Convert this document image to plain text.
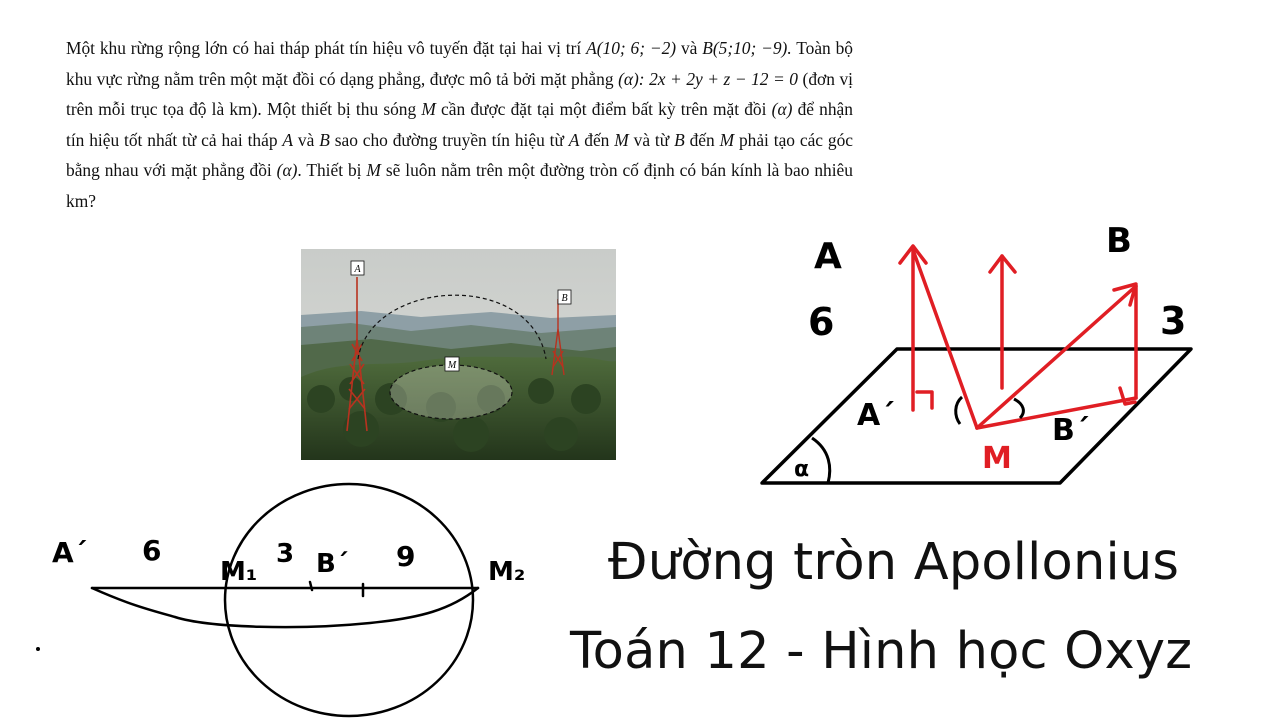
Một khu rừng rộng lớn có hai tháp phát tín hiệu vô tuyến đặt tại hai vị trí A(10; 6; −2) và B(5;10; −9). Toàn bộ khu vực rừng nằm trên một mặt đồi có dạng phẳng, được mô tả bởi mặt phẳng (α): 2x + 2y + z − 12 = 0 (đơn vị trên mỗi trục tọa độ là km). Một thiết bị thu sóng M cần được đặt tại một điểm bất kỳ trên mặt đồi (α) để nhận tín hiệu tốt nhất từ cả hai tháp A và B sao cho đường truyền tín hiệu từ A đến M và từ B đến M phải tạo các góc bằng nhau với mặt phẳng đồi (α). Thiết bị M sẽ luôn nằm trên một đường tròn cố định có bán kính là bao nhiêu km?

A
B
M
α
A	B
6	3
A´	B´
M
A´ 6
M₁
3 B´ 9	M₂ Đường tròn Apollonius
Toán 12 - Hình học Oxyz
